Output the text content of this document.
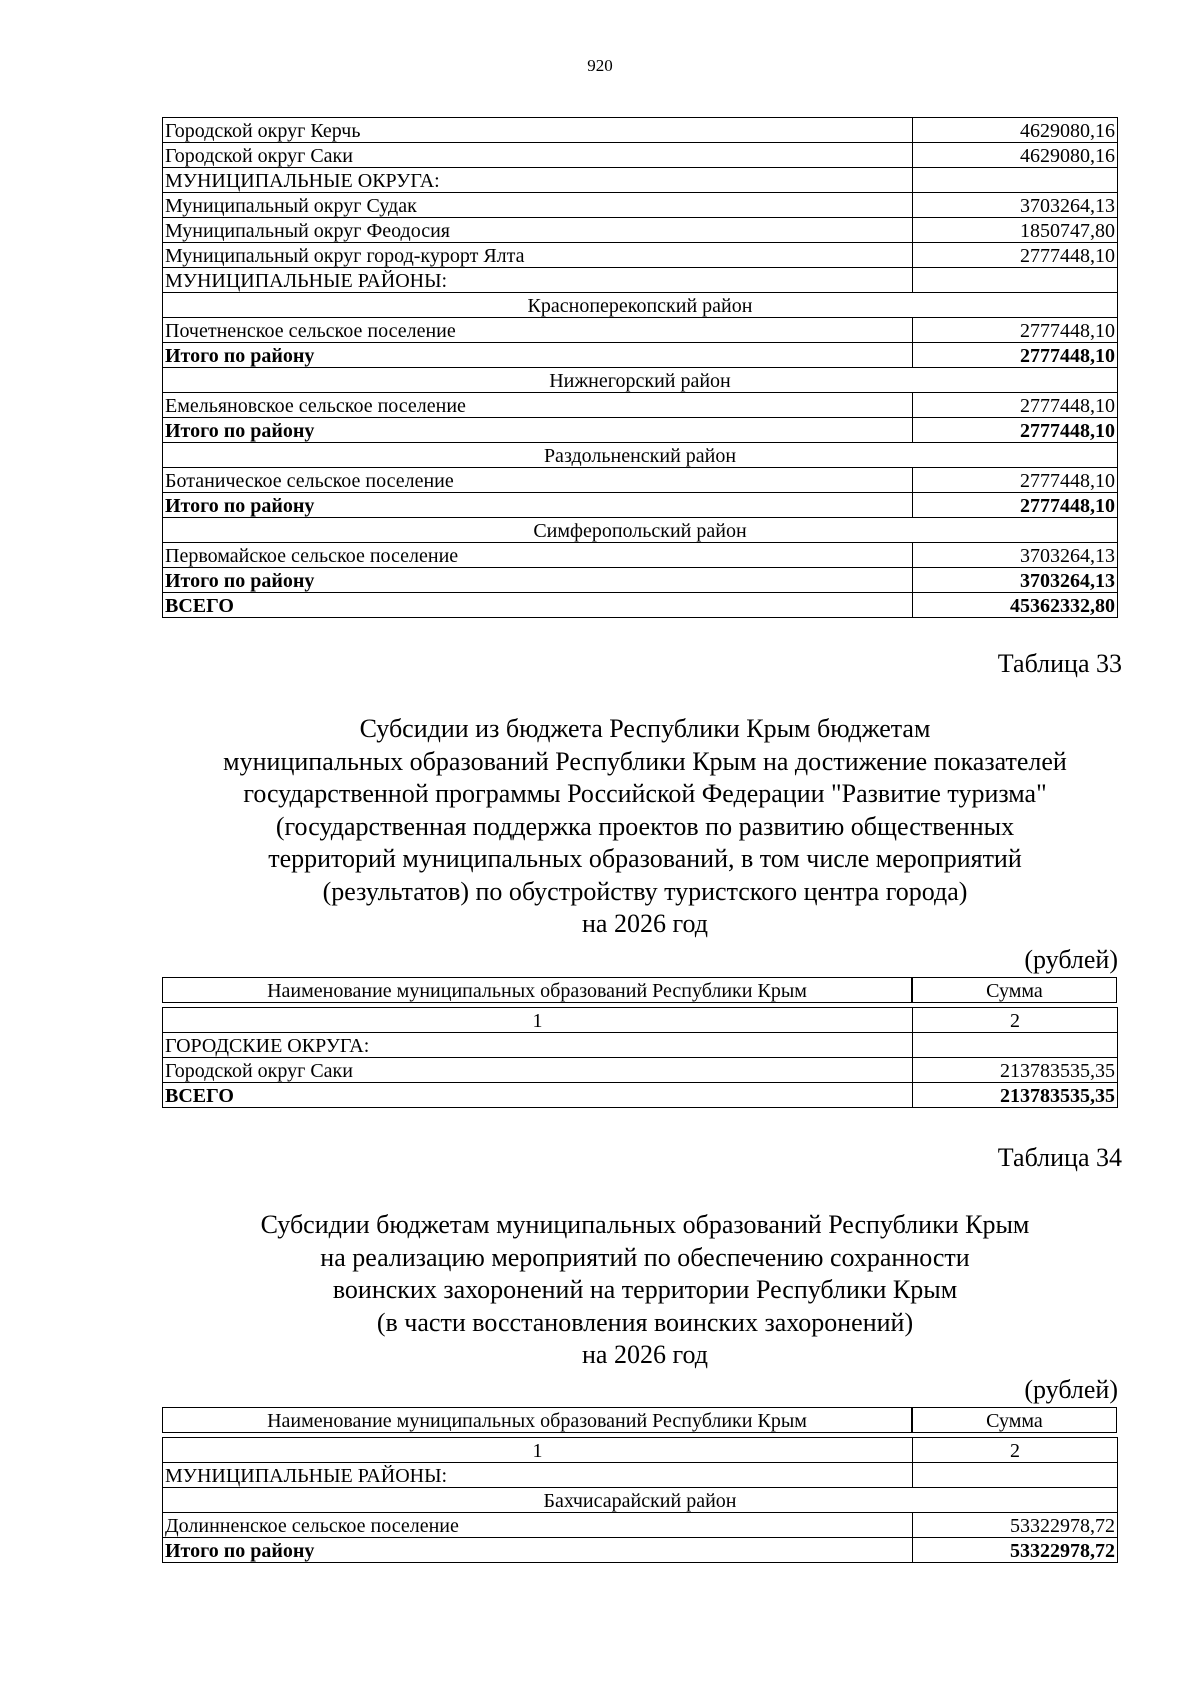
920
Городской округ Керчь	4629080,16
Городской округ Саки	4629080,16
МУНИЦИПАЛЬНЫЕ ОКРУГА:	
Муниципальный округ Судак	3703264,13
Муниципальный округ Феодосия	1850747,80
Муниципальный округ город-курорт Ялта	2777448,10
МУНИЦИПАЛЬНЫЕ РАЙОНЫ:	
Красноперекопский район	
Почетненское сельское поселение	2777448,10
Итого по району	2777448,10
Нижнегорский район	
Емельяновское сельское поселение	2777448,10
Итого по району	2777448,10
Раздольненский район	
Ботаническое сельское поселение	2777448,10
Итого по району	2777448,10
Симферопольский район	
Первомайское сельское поселение	3703264,13
Итого по району	3703264,13
ВСЕГО	45362332,80
Таблица 33
Субсидии из бюджета Республики Крым бюджетам
муниципальных образований Республики Крым на достижение показателей
государственной программы Российской Федерации "Развитие туризма"
(государственная поддержка проектов по развитию общественных
территорий муниципальных образований, в том числе мероприятий
(результатов) по обустройству туристского центра города)
на 2026 год
(рублей)
Наименование муниципальных образований Республики Крым	Сумма
1	2
ГОРОДСКИЕ ОКРУГА:	
Городской округ Саки	213783535,35
ВСЕГО	213783535,35
Таблица 34
Субсидии бюджетам муниципальных образований Республики Крым
на реализацию мероприятий по обеспечению сохранности
воинских захоронений на территории Республики Крым
(в части восстановления воинских захоронений)
на 2026 год
(рублей)
Наименование муниципальных образований Республики Крым	Сумма
1	2
МУНИЦИПАЛЬНЫЕ РАЙОНЫ:	
Бахчисарайский район	
Долинненское сельское поселение	53322978,72
Итого по району	53322978,72
